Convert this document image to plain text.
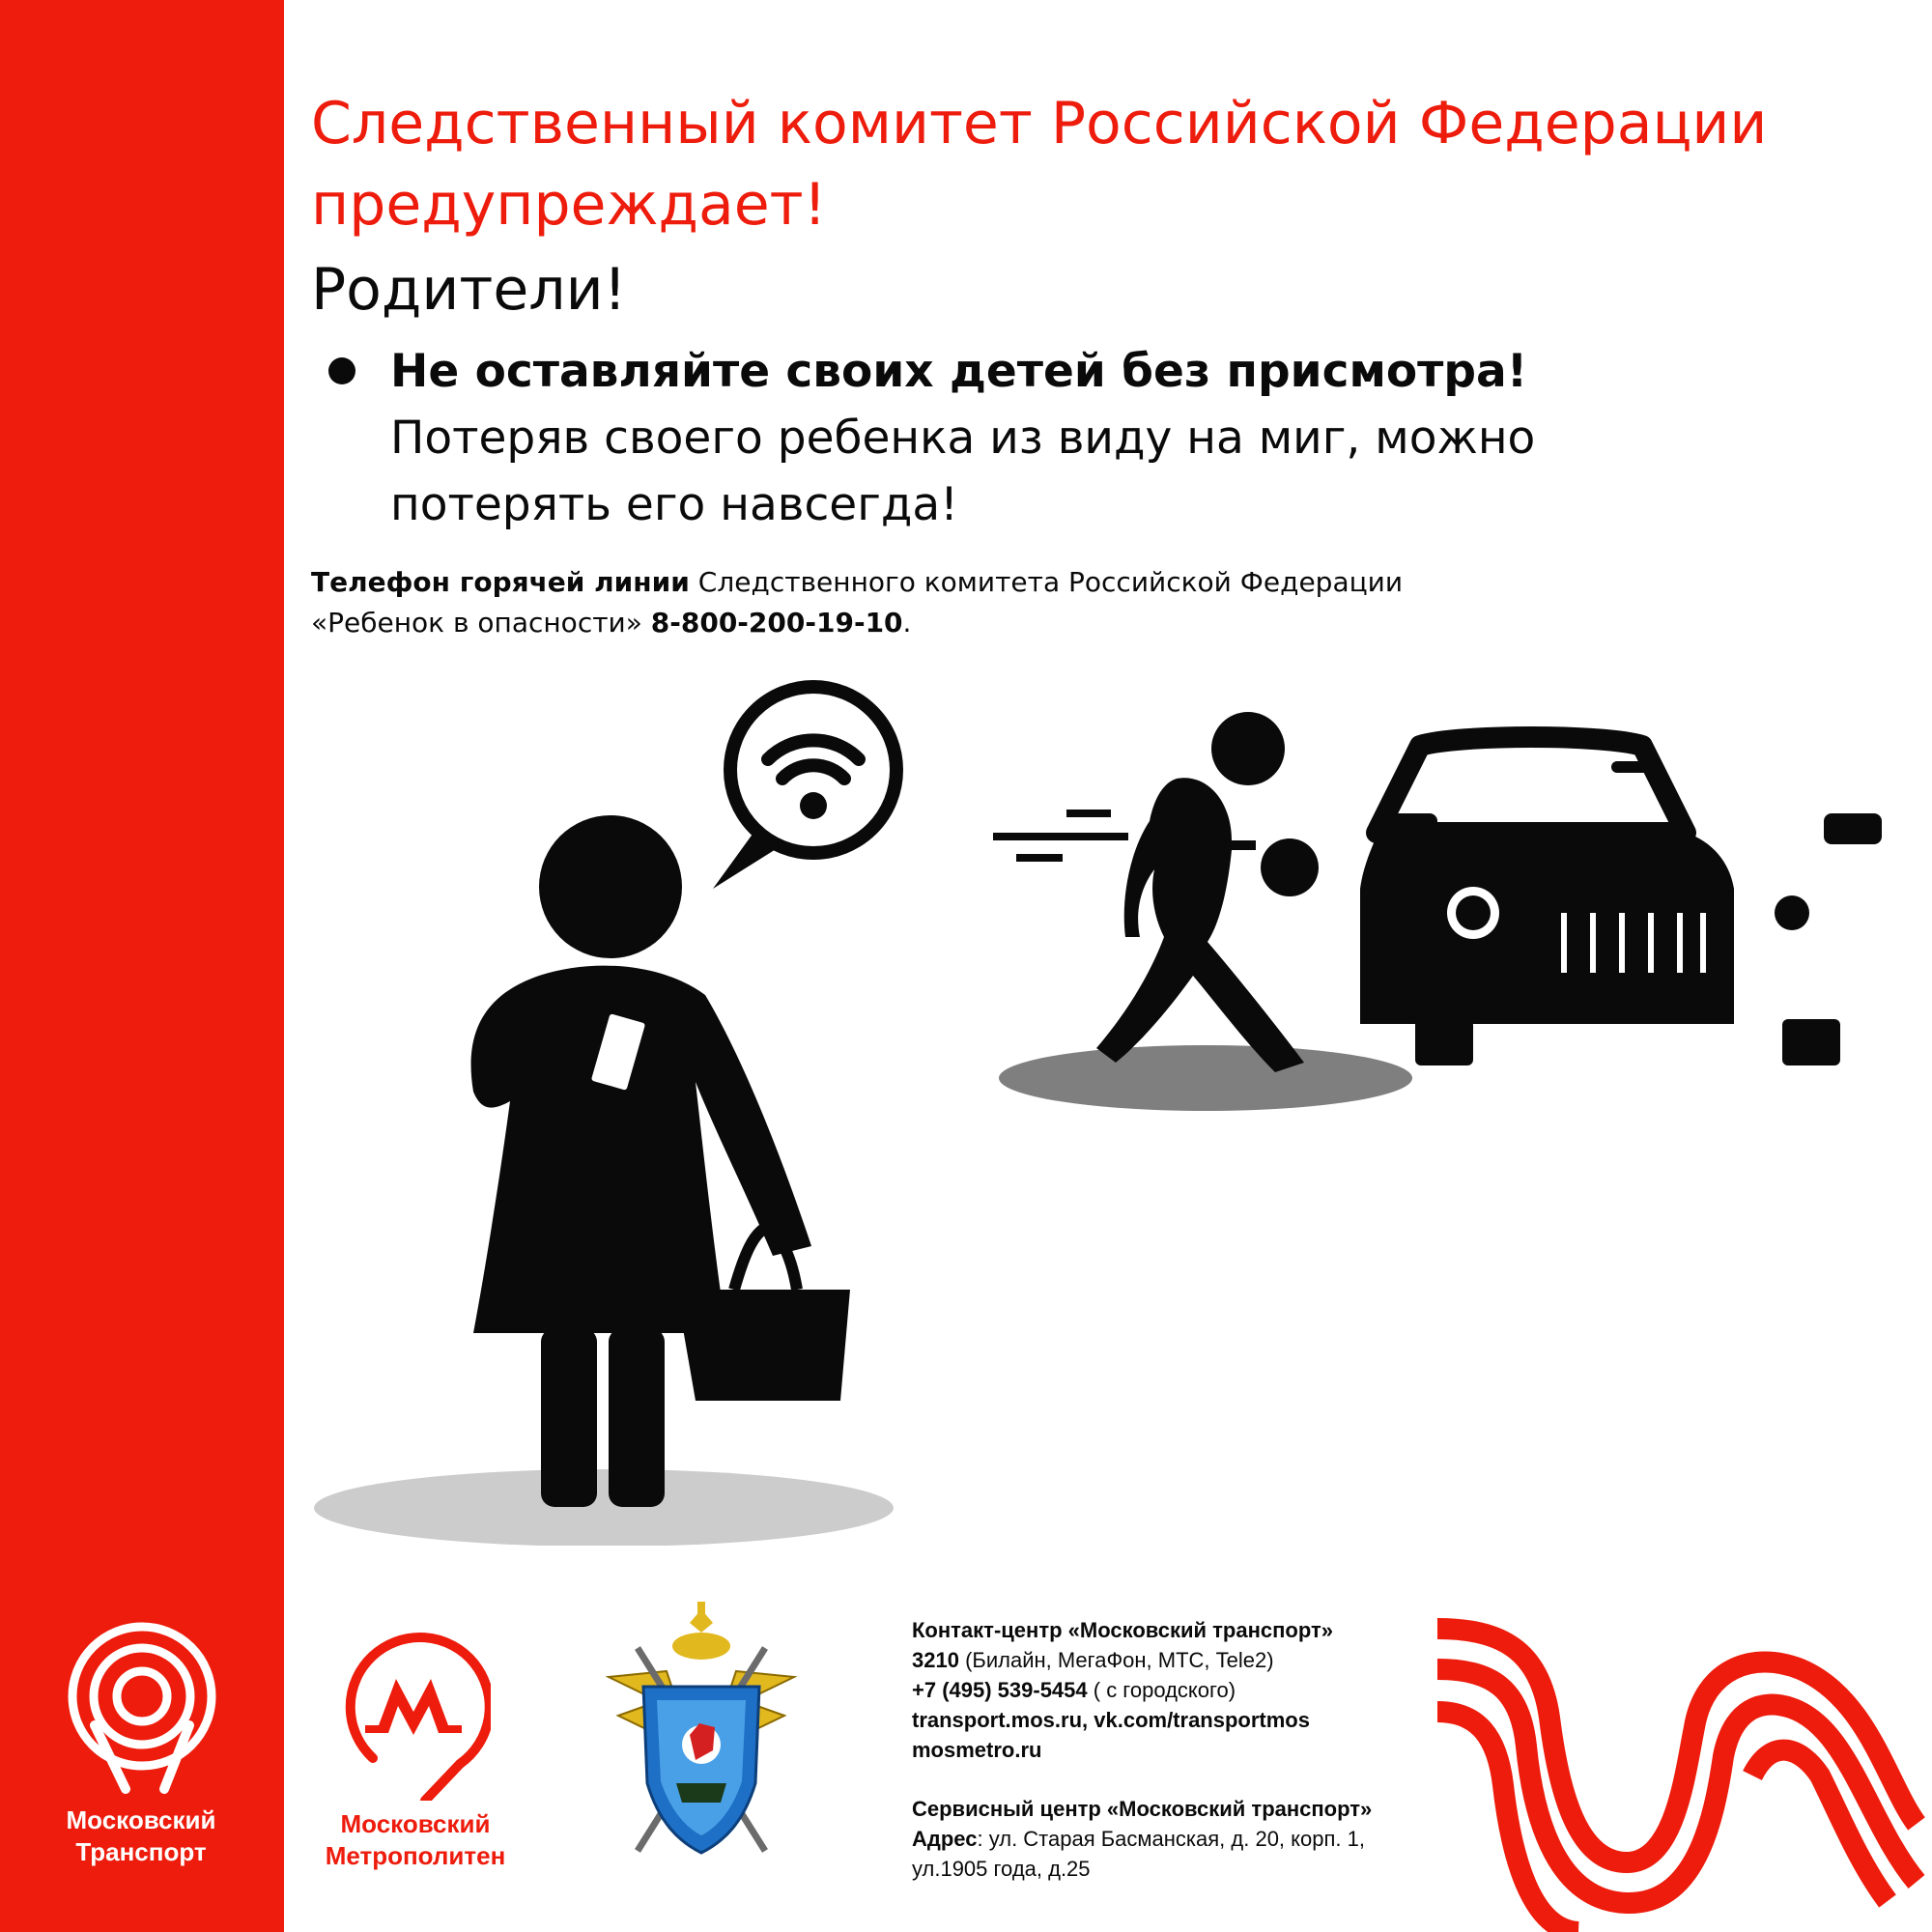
Следственный комитет Российской Федерации предупреждает!
Родители!
Не оставляйте своих детей без присмотра! Потеряв своего ребенка из виду на миг, можно потерять его навсегда!
Телефон горячей линии Следственного комитета Российской Федерации
«Ребенок в опасности» 8-800-200-19-10.
Московский
Транспорт
Московский
Метрополитен
Контакт-центр «Московский транспорт»
3210 (Билайн, МегаФон, МТС, Tele2)
+7 (495) 539-5454 ( с городского)
transport.mos.ru, vk.com/transportmos
mosmetro.ru
Сервисный центр «Московский транспорт»
Адрес: ул. Старая Басманская, д. 20, корп. 1,
ул.1905 года, д.25
